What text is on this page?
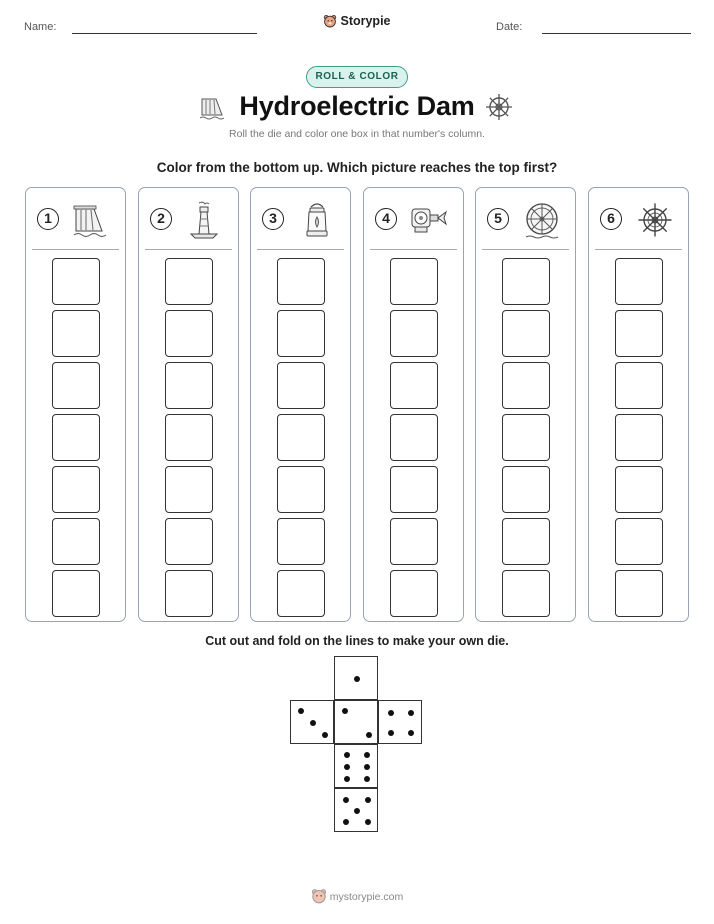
Name:	Storypie	Date:
ROLL & COLOR
Hydroelectric Dam
Roll the die and color one box in that number's column.
Color from the bottom up. Which picture reaches the top first?
1	2	3	4	5	6
Cut out and fold on the lines to make your own die.
mystorypie.com
